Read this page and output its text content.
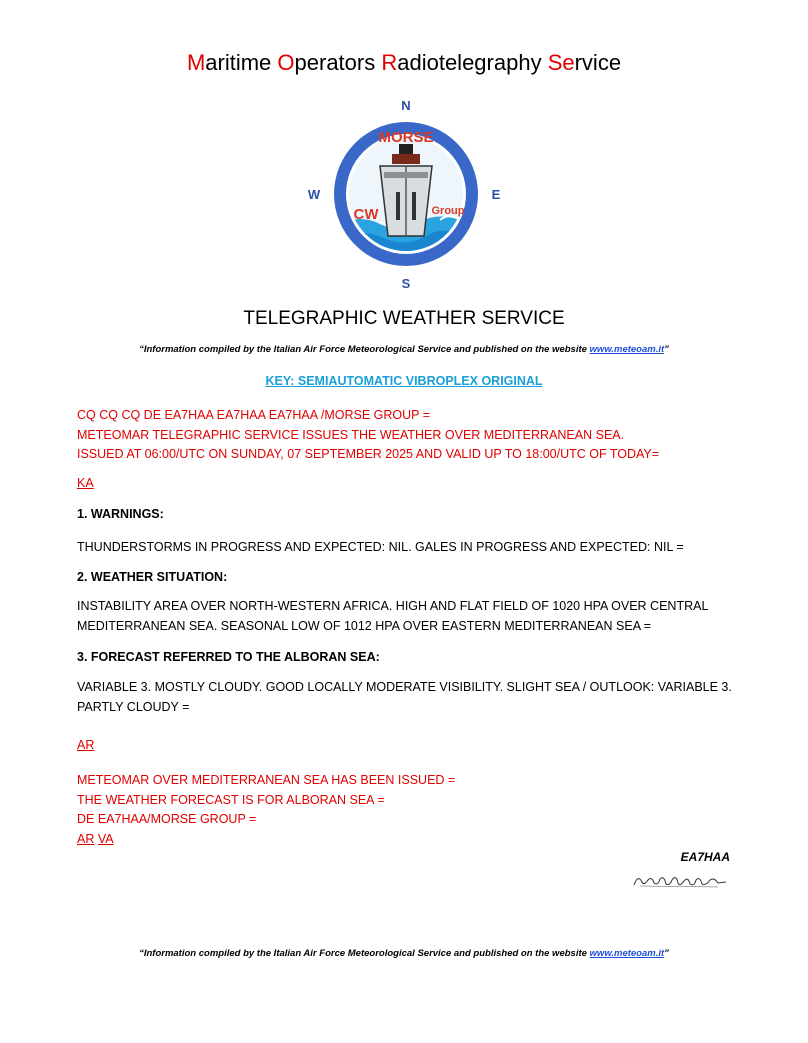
Maritime Operators Radiotelegraphy Service
MORSE
CW	Group
N
S
W	E
TELEGRAPHIC WEATHER SERVICE
“Information compiled by the Italian Air Force Meteorological Service and published on the website www.meteoam.it”
KEY: SEMIAUTOMATIC VIBROPLEX ORIGINAL
CQ CQ CQ DE EA7HAA EA7HAA EA7HAA /MORSE GROUP =
METEOMAR TELEGRAPHIC SERVICE ISSUES THE WEATHER OVER MEDITERRANEAN SEA.
ISSUED AT 06:00/UTC ON SUNDAY, 07 SEPTEMBER 2025 AND VALID UP TO 18:00/UTC OF TODAY=
KA
1. WARNINGS:
THUNDERSTORMS IN PROGRESS AND EXPECTED: NIL. GALES IN PROGRESS AND EXPECTED: NIL =
2. WEATHER SITUATION:
INSTABILITY AREA OVER NORTH-WESTERN AFRICA. HIGH AND FLAT FIELD OF 1020 HPA OVER CENTRAL MEDITERRANEAN SEA. SEASONAL LOW OF 1012 HPA OVER EASTERN MEDITERRANEAN SEA =
3. FORECAST REFERRED TO THE ALBORAN SEA:
VARIABLE 3. MOSTLY CLOUDY. GOOD LOCALLY MODERATE VISIBILITY. SLIGHT SEA / OUTLOOK: VARIABLE 3. PARTLY CLOUDY =
AR
METEOMAR OVER MEDITERRANEAN SEA HAS BEEN ISSUED =
THE WEATHER FORECAST IS FOR ALBORAN SEA =
DE EA7HAA/MORSE GROUP =
AR VA
EA7HAA
“Information compiled by the Italian Air Force Meteorological Service and published on the website www.meteoam.it”
